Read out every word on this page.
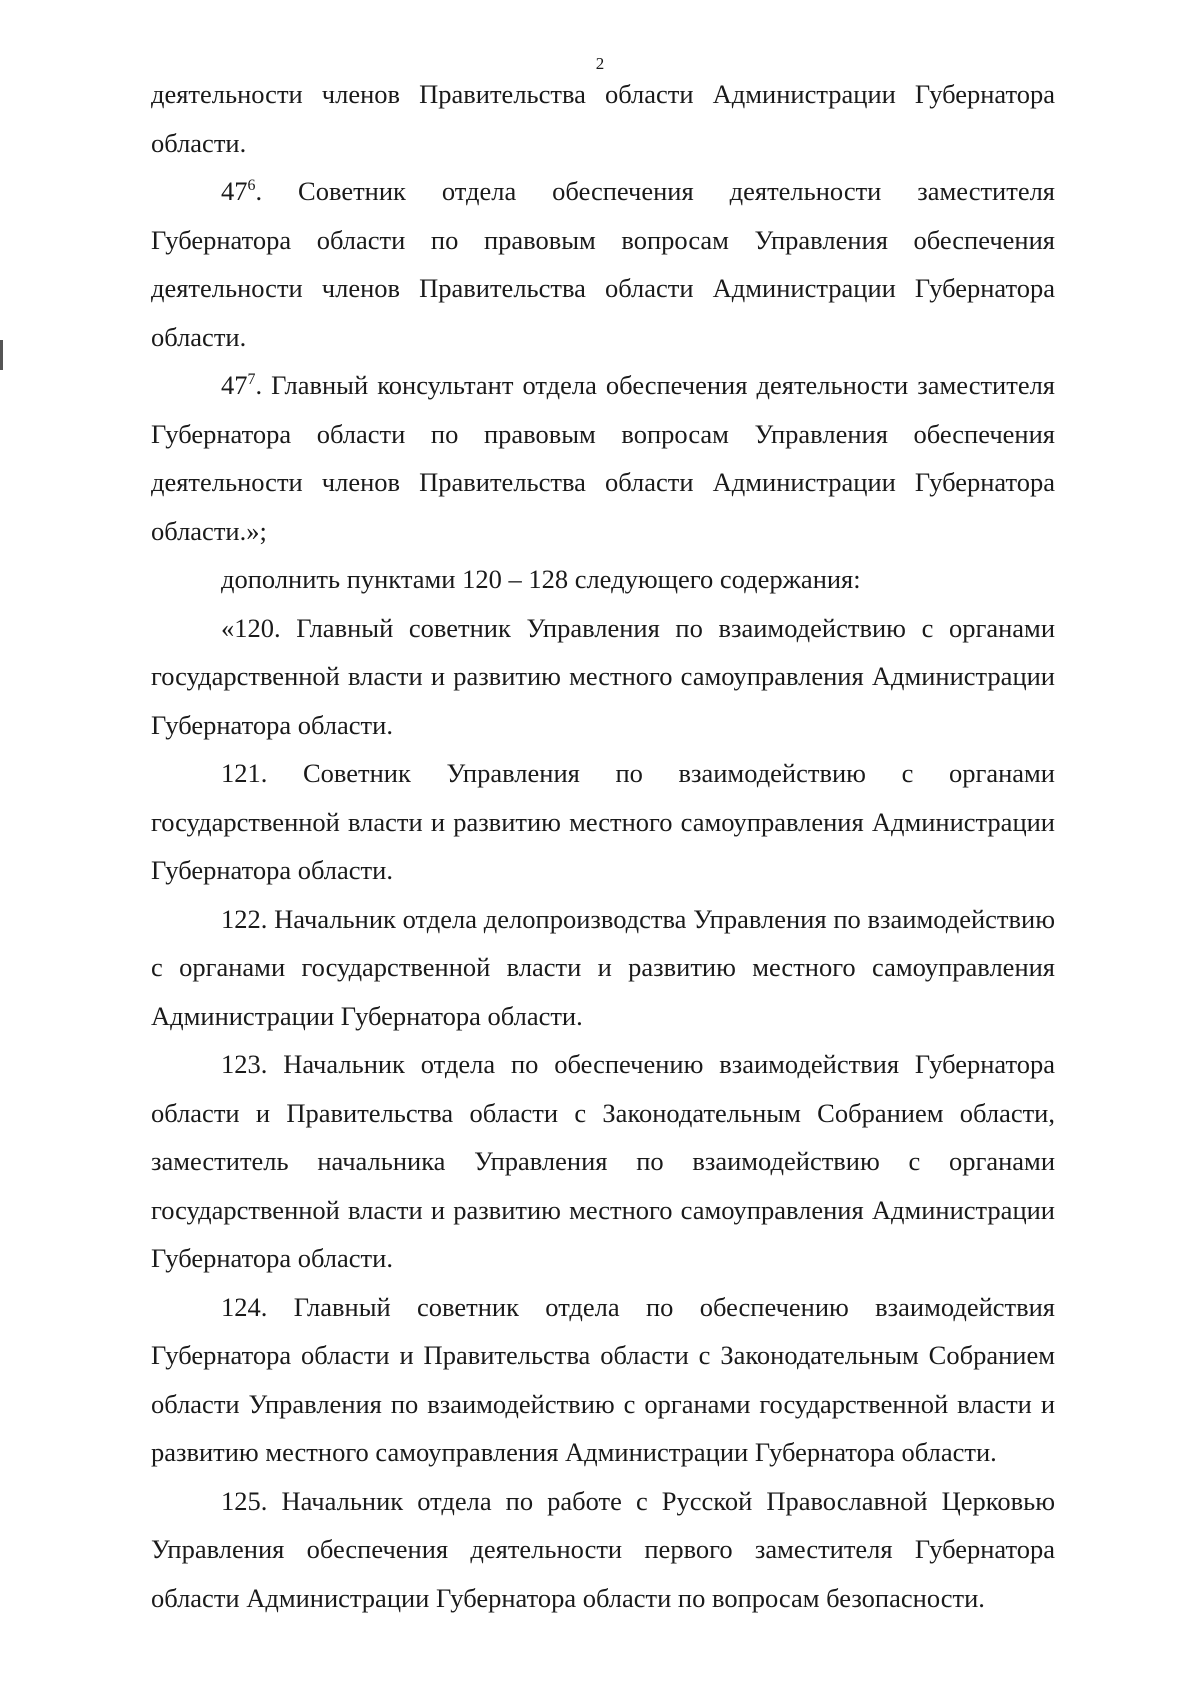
2

деятельности членов Правительства области Администрации Губернатора области.

$47^6$. Советник отдела обеспечения деятельности заместителя Губернатора области по правовым вопросам Управления обеспечения деятельности членов Правительства области Администрации Губернатора области.

$47^7$. Главный консультант отдела обеспечения деятельности заместителя Губернатора области по правовым вопросам Управления обеспечения деятельности членов Правительства области Администрации Губернатора области.»;

дополнить пунктами 120 – 128 следующего содержания:

«120. Главный советник Управления по взаимодействию с органами государственной власти и развитию местного самоуправления Администрации Губернатора области.

121. Советник Управления по взаимодействию с органами государственной власти и развитию местного самоуправления Администрации Губернатора области.

122. Начальник отдела делопроизводства Управления по взаимодействию с органами государственной власти и развитию местного самоуправления Администрации Губернатора области.

123. Начальник отдела по обеспечению взаимодействия Губернатора области и Правительства области с Законодательным Собранием области, заместитель начальника Управления по взаимодействию с органами государственной власти и развитию местного самоуправления Администрации Губернатора области.

124. Главный советник отдела по обеспечению взаимодействия Губернатора области и Правительства области с Законодательным Собранием области Управления по взаимодействию с органами государственной власти и развитию местного самоуправления Администрации Губернатора области.

125. Начальник отдела по работе с Русской Православной Церковью Управления обеспечения деятельности первого заместителя Губернатора области Администрации Губернатора области по вопросам безопасности.
